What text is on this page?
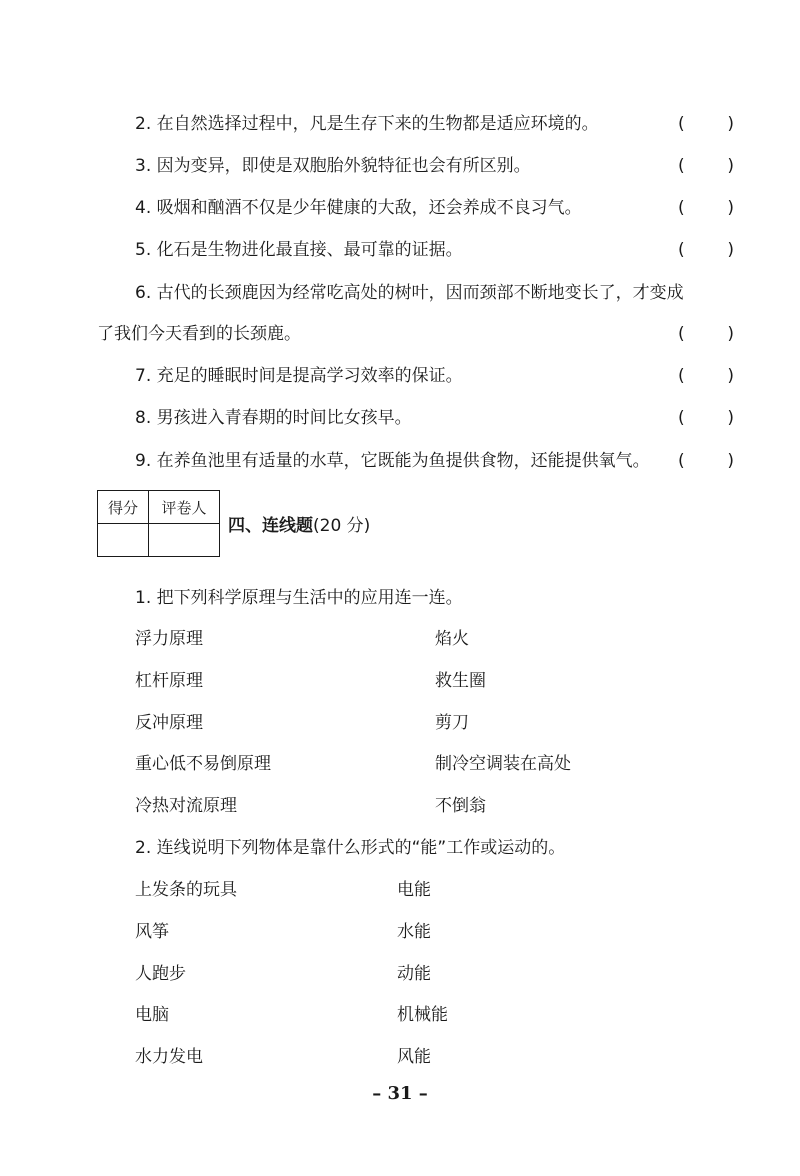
2. 在自然选择过程中，凡是生存下来的生物都是适应环境的。	(	)
3. 因为变异，即使是双胞胎外貌特征也会有所区别。	(	)
4. 吸烟和酗酒不仅是少年健康的大敌，还会养成不良习气。	(	)
5. 化石是生物进化最直接、最可靠的证据。	(	)
6. 古代的长颈鹿因为经常吃高处的树叶，因而颈部不断地变长了，才变成
了我们今天看到的长颈鹿。	(	)
7. 充足的睡眠时间是提高学习效率的保证。	(	)
8. 男孩进入青春期的时间比女孩早。	(	)
9. 在养鱼池里有适量的水草，它既能为鱼提供食物，还能提供氧气。 (	)
得分	评卷人

四、连线题(20 分)
1. 把下列科学原理与生活中的应用连一连。
浮力原理	焰火
杠杆原理	救生圈
反冲原理	剪刀
重心低不易倒原理	制冷空调装在高处
冷热对流原理	不倒翁
2. 连线说明下列物体是靠什么形式的“能”工作或运动的。
上发条的玩具	电能
风筝	水能
人跑步	动能
电脑	机械能
水力发电	风能
– 31 –
